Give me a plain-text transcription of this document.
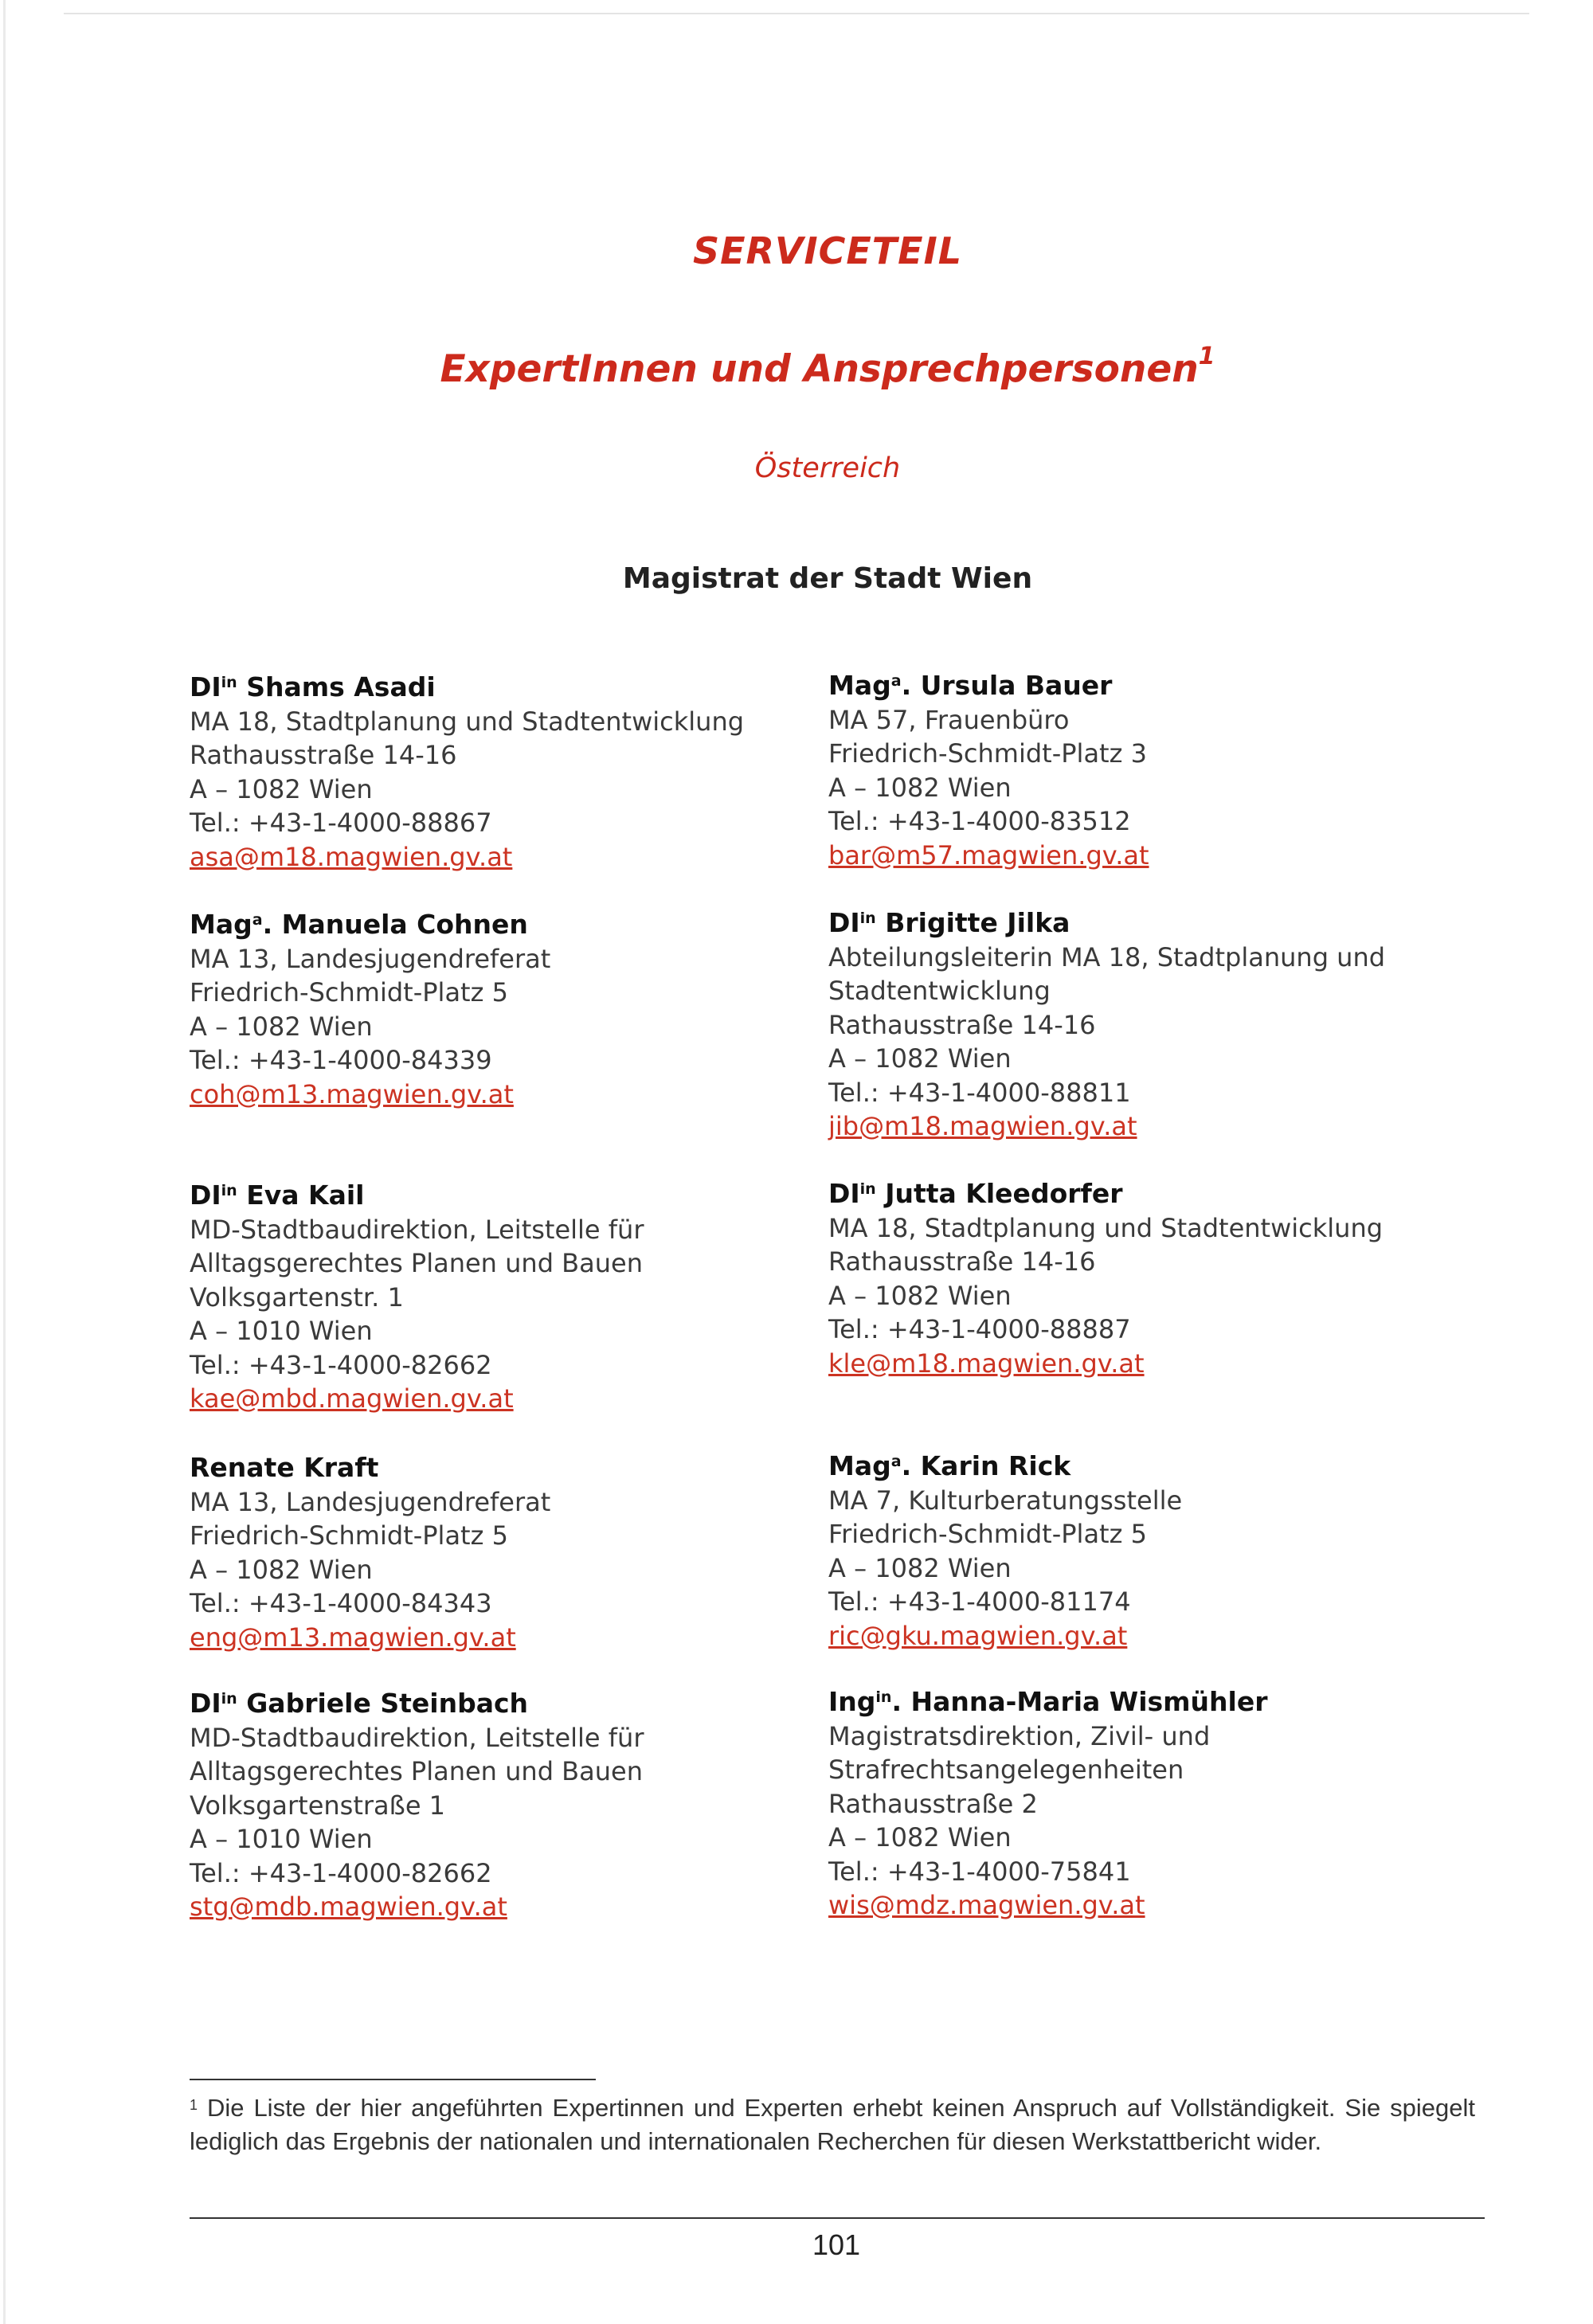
SERVICETEIL
ExpertInnen und Ansprechpersonen$^1$
Österreich
Magistrat der Stadt Wien
$DI^{in}$ Shams Asadi
MA 18, Stadtplanung und Stadtentwicklung
Rathausstraße 14-16
A – 1082 Wien
Tel.: +43-1-4000-88867
asa@m18.magwien.gv.at
Mag$^a$. Ursula Bauer
MA 57, Frauenbüro
Friedrich-Schmidt-Platz 3
A – 1082 Wien
Tel.: +43-1-4000-83512
bar@m57.magwien.gv.at
Mag$^a$. Manuela Cohnen
MA 13, Landesjugendreferat
Friedrich-Schmidt-Platz 5
A – 1082 Wien
Tel.: +43-1-4000-84339
coh@m13.magwien.gv.at
$DI^{in}$ Brigitte Jilka
Abteilungsleiterin MA 18, Stadtplanung und
Stadtentwicklung
Rathausstraße 14-16
A – 1082 Wien
Tel.: +43-1-4000-88811
jib@m18.magwien.gv.at
$DI^{in}$ Eva Kail
MD-Stadtbaudirektion, Leitstelle für
Alltagsgerechtes Planen und Bauen
Volksgartenstr. 1
A – 1010 Wien
Tel.: +43-1-4000-82662
kae@mbd.magwien.gv.at
$DI^{in}$ Jutta Kleedorfer
MA 18, Stadtplanung und Stadtentwicklung
Rathausstraße 14-16
A – 1082 Wien
Tel.: +43-1-4000-88887
kle@m18.magwien.gv.at
Renate Kraft
MA 13, Landesjugendreferat
Friedrich-Schmidt-Platz 5
A – 1082 Wien
Tel.: +43-1-4000-84343
eng@m13.magwien.gv.at
Mag$^a$. Karin Rick
MA 7, Kulturberatungsstelle
Friedrich-Schmidt-Platz 5
A – 1082 Wien
Tel.: +43-1-4000-81174
ric@gku.magwien.gv.at
$DI^{in}$ Gabriele Steinbach
MD-Stadtbaudirektion, Leitstelle für
Alltagsgerechtes Planen und Bauen
Volksgartenstraße 1
A – 1010 Wien
Tel.: +43-1-4000-82662
stg@mdb.magwien.gv.at
Ing$^{in}$. Hanna-Maria Wismühler
Magistratsdirektion, Zivil- und
Strafrechtsangelegenheiten
Rathausstraße 2
A – 1082 Wien
Tel.: +43-1-4000-75841
wis@mdz.magwien.gv.at
$^1$ Die Liste der hier angeführten Expertinnen und Experten erhebt keinen Anspruch auf Vollständigkeit. Sie spiegelt lediglich das Ergebnis der nationalen und internationalen Recherchen für diesen Werkstattbericht wider.
101
